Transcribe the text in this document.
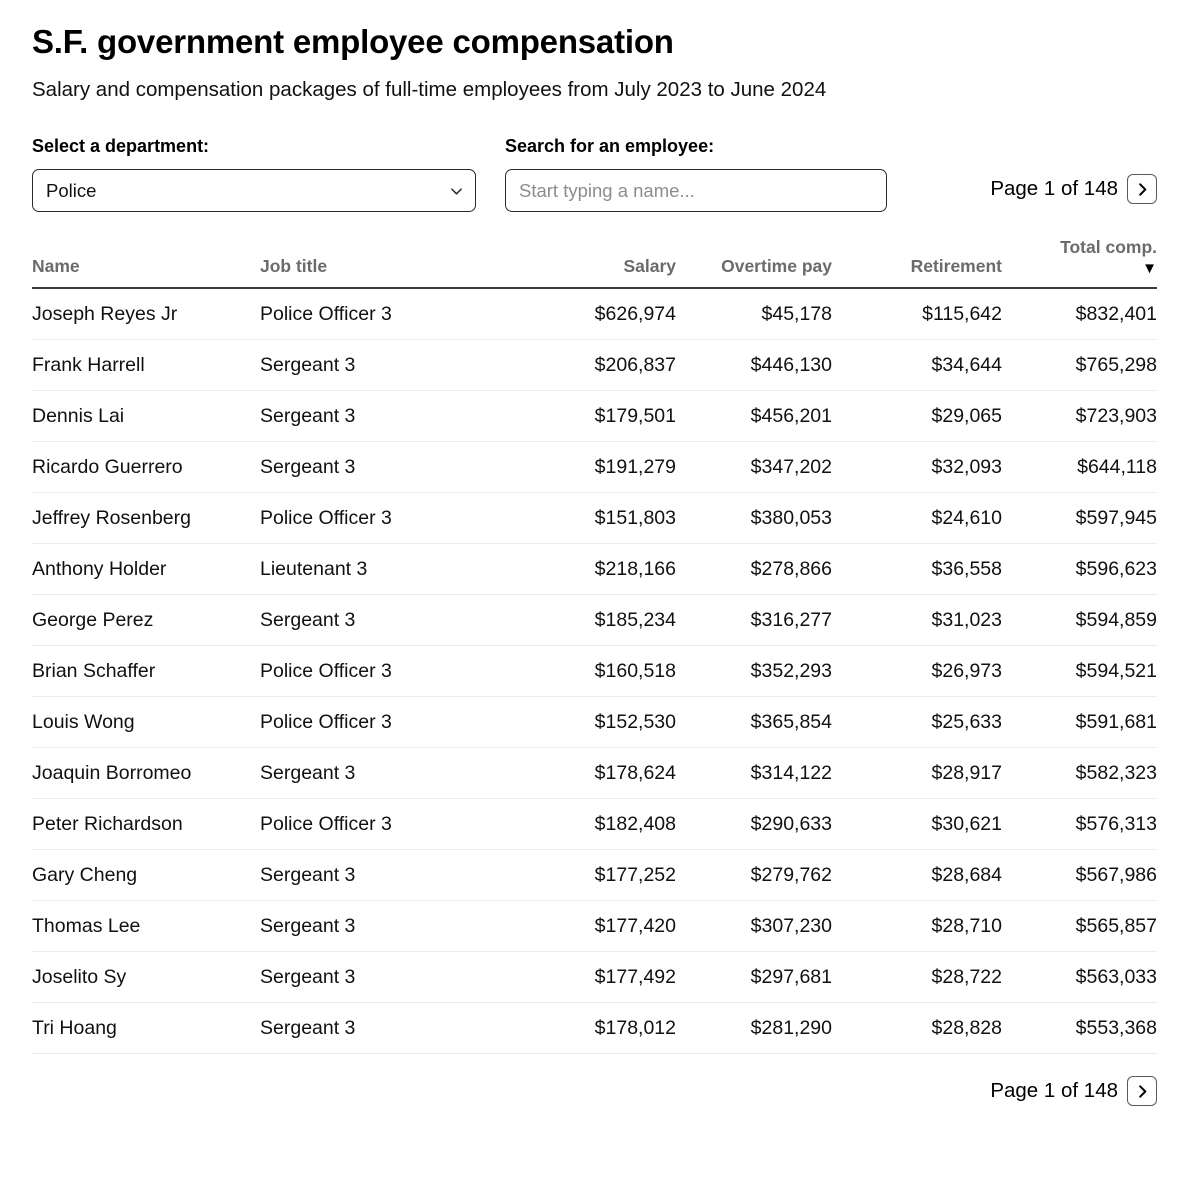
S.F. government employee compensation

Salary and compensation packages of full-time employees from July 2023 to June 2024

Select a department:
Police
Search for an employee:
Start typing a name...
Page 1 of 148
Name	Job title	Salary	Overtime pay	Retirement	Total comp.
▼

Joseph Reyes Jr	Police Officer 3	$626,974	$45,178	$115,642	$832,401
Frank Harrell	Sergeant 3	$206,837	$446,130	$34,644	$765,298
Dennis Lai	Sergeant 3	$179,501	$456,201	$29,065	$723,903
Ricardo Guerrero	Sergeant 3	$191,279	$347,202	$32,093	$644,118
Jeffrey Rosenberg	Police Officer 3	$151,803	$380,053	$24,610	$597,945
Anthony Holder	Lieutenant 3	$218,166	$278,866	$36,558	$596,623
George Perez	Sergeant 3	$185,234	$316,277	$31,023	$594,859
Brian Schaffer	Police Officer 3	$160,518	$352,293	$26,973	$594,521
Louis Wong	Police Officer 3	$152,530	$365,854	$25,633	$591,681
Joaquin Borromeo	Sergeant 3	$178,624	$314,122	$28,917	$582,323
Peter Richardson	Police Officer 3	$182,408	$290,633	$30,621	$576,313
Gary Cheng	Sergeant 3	$177,252	$279,762	$28,684	$567,986
Thomas Lee	Sergeant 3	$177,420	$307,230	$28,710	$565,857
Joselito Sy	Sergeant 3	$177,492	$297,681	$28,722	$563,033
Tri Hoang	Sergeant 3	$178,012	$281,290	$28,828	$553,368
Page 1 of 148
